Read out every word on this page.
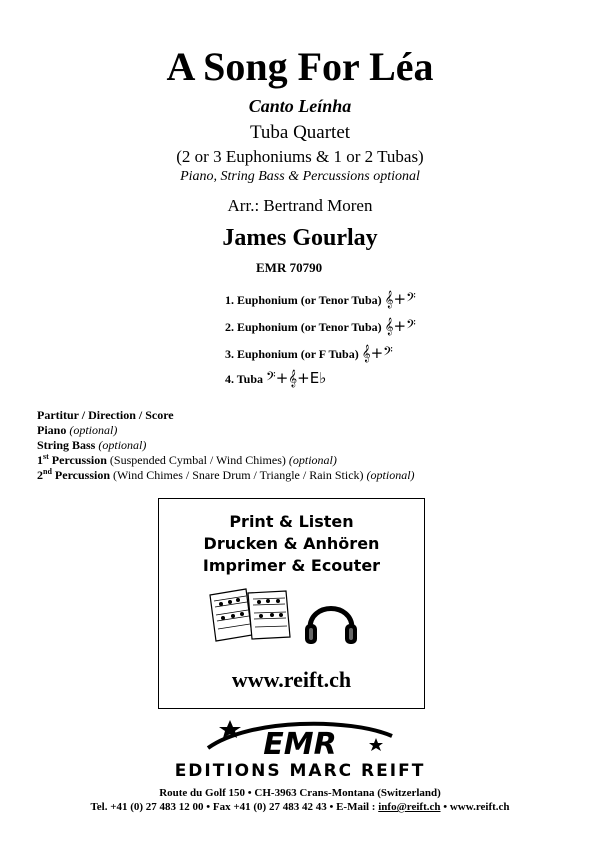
A Song For Léa
Canto Leínha
Tuba Quartet
(2 or 3 Euphoniums & 1 or 2 Tubas)
Piano, String Bass & Percussions optional
Arr.: Bertrand Moren
James Gourlay
EMR 70790
1. Euphonium (or Tenor Tuba) 𝄞+𝄢
2. Euphonium (or Tenor Tuba) 𝄞+𝄢
3. Euphonium (or F Tuba) 𝄞+𝄢
4. Tuba 𝄢+𝄞+E♭
Partitur / Direction / Score
Piano (optional)
String Bass (optional)
1st Percussion (Suspended Cymbal / Wind Chimes) (optional)
2nd Percussion (Wind Chimes / Snare Drum / Triangle / Rain Stick) (optional)
Print & Listen
Drucken & Anhören
Imprimer & Ecouter
www.reift.ch
EMR
EDITIONS MARC REIFT
Route du Golf 150 • CH-3963 Crans-Montana (Switzerland)
Tel. +41 (0) 27 483 12 00 • Fax +41 (0) 27 483 42 43 • E-Mail : info@reift.ch • www.reift.ch
